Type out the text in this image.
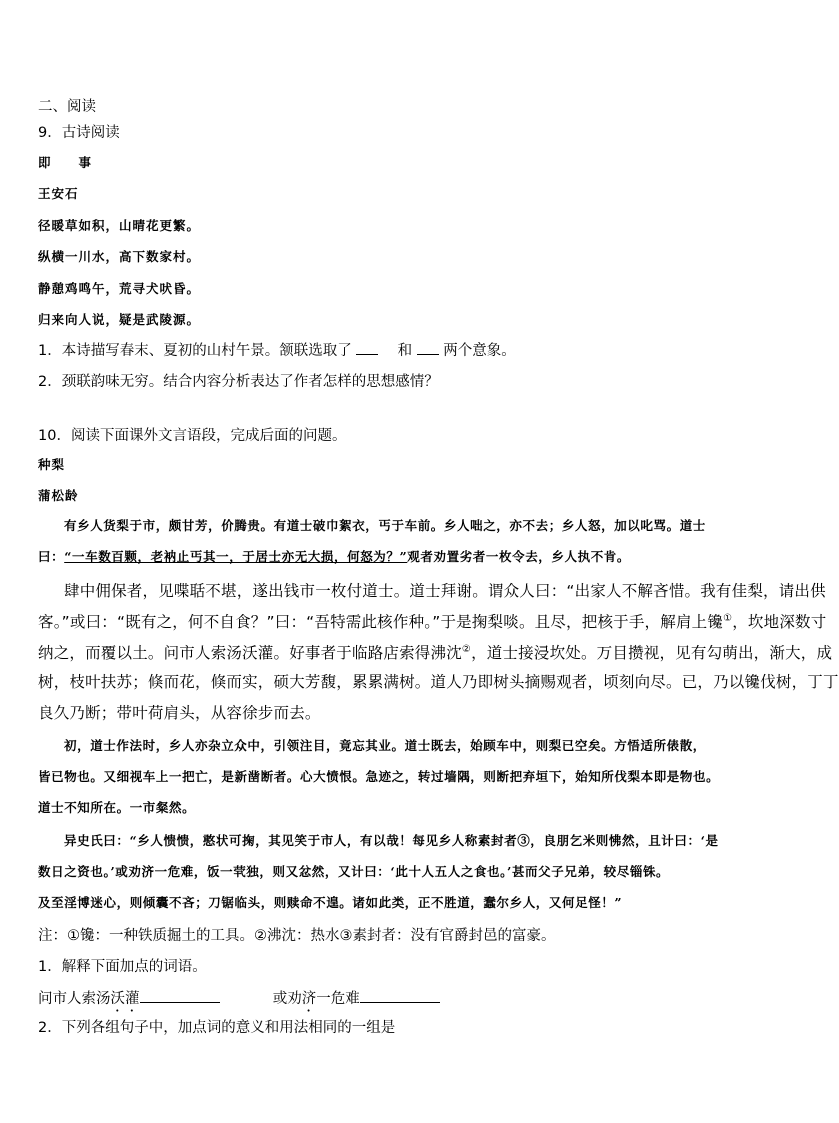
二、阅读
9．古诗阅读
即　　事
王安石
径暖草如积，山晴花更繁。
纵横一川水，高下数家村。
静憩鸡鸣午，荒寻犬吠昏。
归来向人说，疑是武陵源。
1．本诗描写春末、夏初的山村午景。颔联选取了	和 两个意象。
2．颈联韵味无穷。结合内容分析表达了作者怎样的思想感情？
10．阅读下面课外文言语段，完成后面的问题。
种梨
蒲松龄
有乡人货梨于市，颇甘芳，价腾贵。有道士破巾絮衣，丐于车前。乡人咄之，亦不去；乡人怒，加以叱骂。道士
曰：“一车数百颗，老衲止丐其一，于居士亦无大损，何怒为？”观者劝置劣者一枚令去，乡人执不肯。
肆中佣保者，见喋聒不堪，遂出钱市一枚付道士。道士拜谢。谓众人曰：“出家人不解吝惜。我有佳梨，请出供
客。”或曰：“既有之，何不自食？”曰：“吾特需此核作种。”于是掬梨啖。且尽，把核于手，解肩上镵①，坎地深数寸
纳之，而覆以土。问市人索汤沃灌。好事者于临路店索得沸沈②，道士接浸坎处。万目攒视，见有勾萌出，渐大，成
树，枝叶扶苏；倏而花，倏而实，硕大芳馥，累累满树。道人乃即树头摘赐观者，顷刻向尽。已，乃以镵伐树，丁丁
良久乃断；带叶荷肩头，从容徐步而去。
初，道士作法时，乡人亦杂立众中，引领注目，竟忘其业。道士既去，始顾车中，则梨已空矣。方悟适所俵散，
皆已物也。又细视车上一把亡，是新凿断者。心大愤恨。急迹之，转过墙隅，则断把弃垣下，始知所伐梨本即是物也。
道士不知所在。一市粲然。
异史氏曰：“乡人愦愦，憨状可掬，其见笑于市人，有以哉！每见乡人称素封者③，良朋乞米则怫然，且计曰：‘是
数日之资也。’或劝济一危难，饭一茕独，则又忿然，又计曰：‘此十人五人之食也。’甚而父子兄弟，较尽锱铢。
及至淫博迷心，则倾囊不吝；刀锯临头，则赎命不遑。诸如此类，正不胜道，蠢尔乡人，又何足怪！”
注：①镵：一种铁质掘土的工具。②沸沈：热水③素封者：没有官爵封邑的富豪。
1．解释下面加点的词语。
问市人索汤沃灌	或劝济一危难
2．下列各组句子中，加点词的意义和用法相同的一组是
